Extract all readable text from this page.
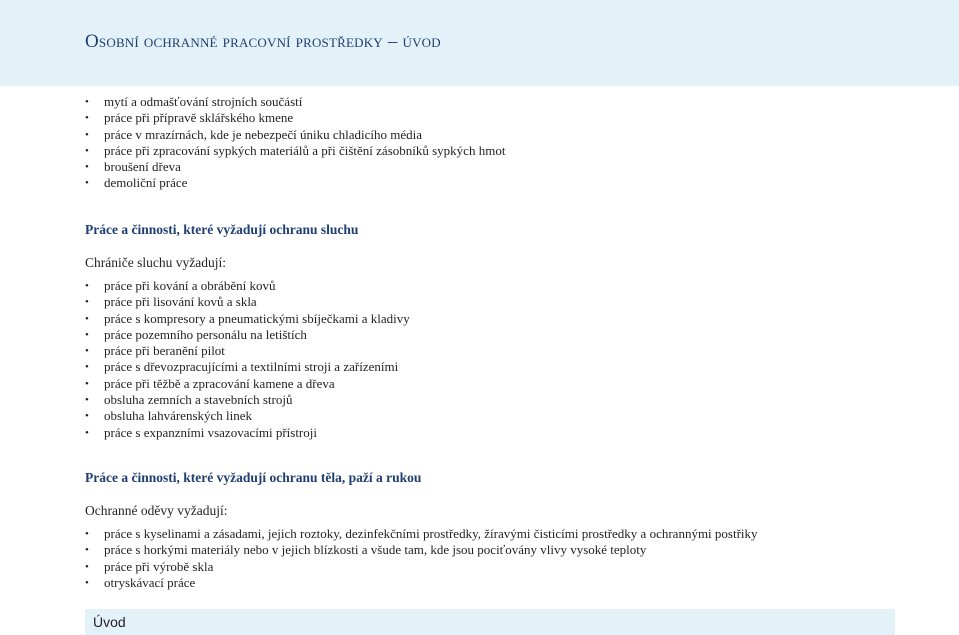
Osobní ochranné pracovní prostředky – úvod
• mytí a odmašťování strojních součástí
• práce při přípravě sklářského kmene
• práce v mrazírnách, kde je nebezpečí úniku chladicího média
• práce při zpracování sypkých materiálů a při čištění zásobníků sypkých hmot
• broušení dřeva
• demoliční práce
Práce a činnosti, které vyžadují ochranu sluchu

Chrániče sluchu vyžadují:

• práce při kování a obrábění kovů
• práce při lisování kovů a skla
• práce s kompresory a pneumatickými sbíječkami a kladivy
• práce pozemního personálu na letištích
• práce při beranění pilot
• práce s dřevozpracujícími a textilními stroji a zařízeními
• práce při těžbě a zpracování kamene a dřeva
• obsluha zemních a stavebních strojů
• obsluha lahvárenských linek
• práce s expanzními vsazovacími přístroji
Práce a činnosti, které vyžadují ochranu těla, paží a rukou

Ochranné oděvy vyžadují:

• práce s kyselinami a zásadami, jejich roztoky, dezinfekčními prostředky, žíravými čisticími prostředky a ochrannými postřiky
• práce s horkými materiály nebo v jejich blízkosti a všude tam, kde jsou pociťovány vlivy vysoké teploty
• práce při výrobě skla
• otryskávací práce
Úvod
